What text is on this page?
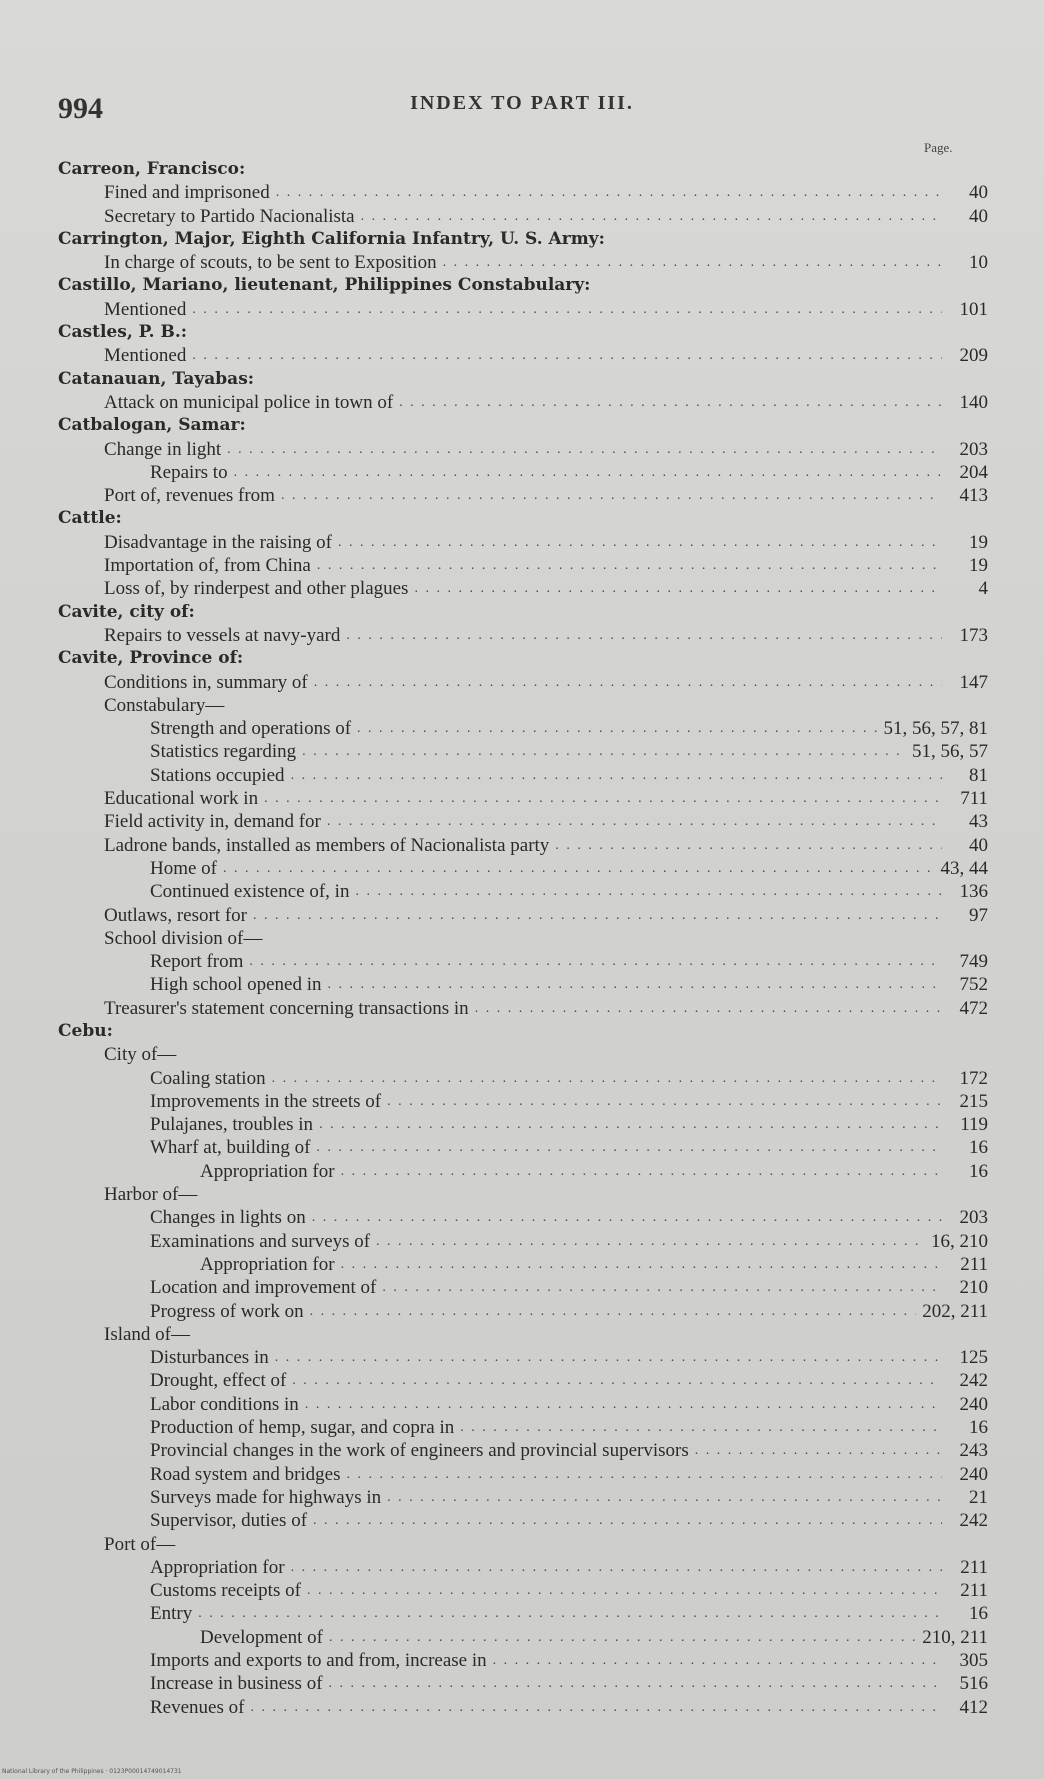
994	INDEX TO PART III.
Page.
Carreon, Francisco:
Fined and imprisoned . . .	40
Secretary to Partido Nacionalista . . .	40
Carrington, Major, Eighth California Infantry, U. S. Army:
In charge of scouts, to be sent to Exposition . . .	10
Castillo, Mariano, lieutenant, Philippines Constabulary:
Mentioned . . .	101
Castles, P. B.:
Mentioned . . .	209
Catanauan, Tayabas:
Attack on municipal police in town of . . .	140
Catbalogan, Samar:
Change in light . . .	203
Repairs to . . .	204
Port of, revenues from . . .	413
Cattle:
Disadvantage in the raising of . . .	19
Importation of, from China . . .	19
Loss of, by rinderpest and other plagues . . .	4
Cavite, city of:
Repairs to vessels at navy-yard . . .	173
Cavite, Province of:
Conditions in, summary of . . .	147
Constabulary—
Strength and operations of . . .	51, 56, 57, 81
Statistics regarding . . .	51, 56, 57
Stations occupied . . .	81
Educational work in . . .	711
Field activity in, demand for . . .	43
Ladrone bands, installed as members of Nacionalista party . . .	40
Home of . . .	43, 44
Continued existence of, in . . .	136
Outlaws, resort for . . .	97
School division of—
Report from . . .	749
High school opened in . . .	752
Treasurer's statement concerning transactions in . . .	472
Cebu:
City of—
Coaling station . . .	172
Improvements in the streets of . . .	215
Pulajanes, troubles in . . .	119
Wharf at, building of . . .	16
Appropriation for . . .	16
Harbor of—
Changes in lights on . . .	203
Examinations and surveys of . . .	16, 210
Appropriation for . . .	211
Location and improvement of . . .	210
Progress of work on . . .	202, 211
Island of—
Disturbances in . . .	125
Drought, effect of . . .	242
Labor conditions in . . .	240
Production of hemp, sugar, and copra in . . .	16
Provincial changes in the work of engineers and provincial supervisors . . .	243
Road system and bridges . . .	240
Surveys made for highways in . . .	21
Supervisor, duties of . . .	242
Port of—
Appropriation for . . .	211
Customs receipts of . . .	211
Entry . . .	16
Development of . . .	210, 211
Imports and exports to and from, increase in . . .	305
Increase in business of . . .	516
Revenues of . . .	412
National Library of the Philippines · 0123P00014749014731
